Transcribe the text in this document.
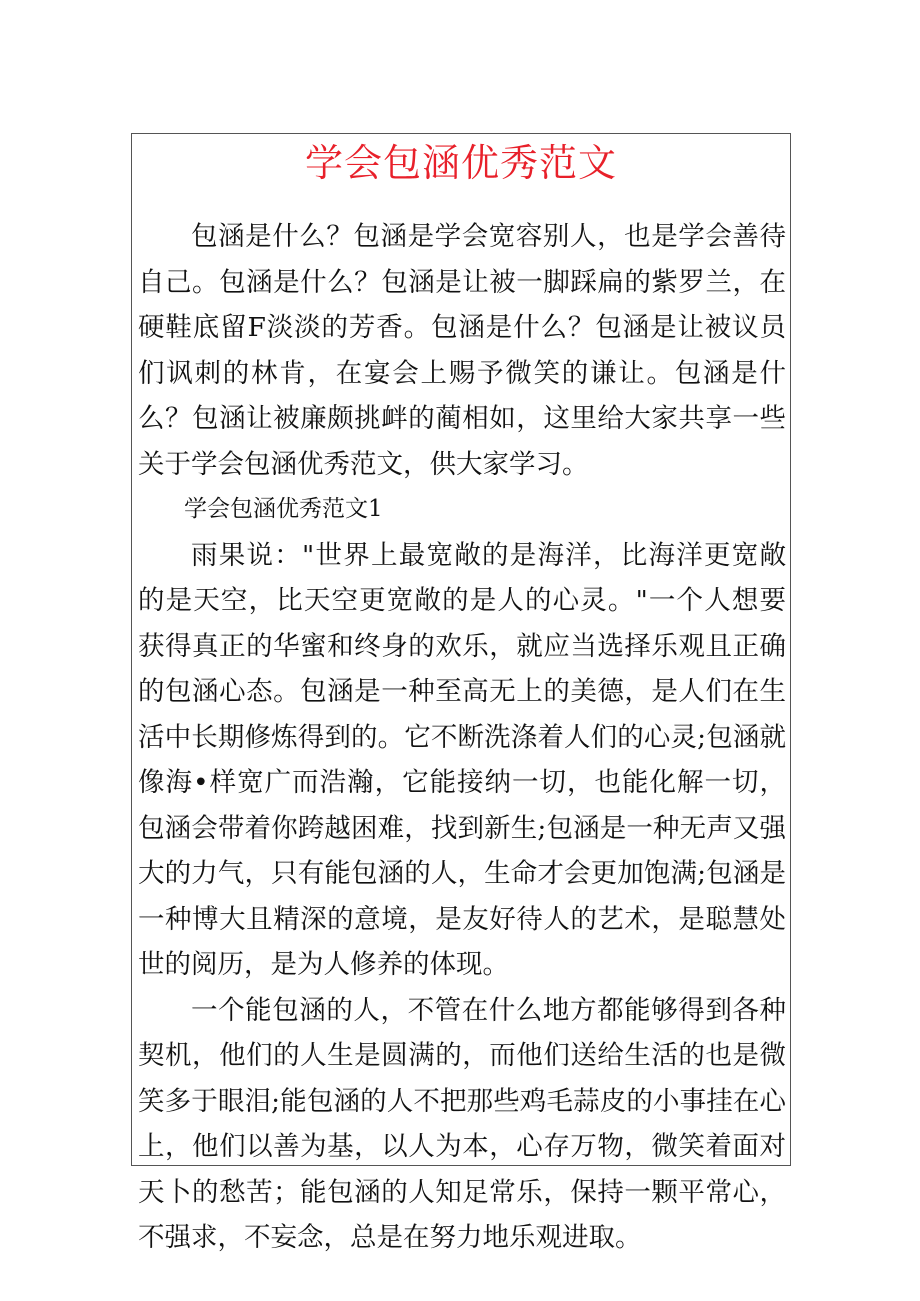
学会包涵优秀范文

包涵是什么？包涵是学会宽容别人，也是学会善待自己。包涵是什么？包涵是让被一脚踩扁的紫罗兰，在硬鞋底留F淡淡的芳香。包涵是什么？包涵是让被议员们讽刺的林肯，在宴会上赐予微笑的谦让。包涵是什么？包涵让被廉颇挑衅的蔺相如，这里给大家共享一些关于学会包涵优秀范文，供大家学习。

学会包涵优秀范文1

雨果说："世界上最宽敞的是海洋，比海洋更宽敞的是天空，比天空更宽敞的是人的心灵。"一个人想要获得真正的华蜜和终身的欢乐，就应当选择乐观且正确的包涵心态。包涵是一种至高无上的美德，是人们在生活中长期修炼得到的。它不断洗涤着人们的心灵;包涵就像海•样宽广而浩瀚，它能接纳一切，也能化解一切，包涵会带着你跨越困难，找到新生;包涵是一种无声又强大的力气，只有能包涵的人，生命才会更加饱满;包涵是一种博大且精深的意境，是友好待人的艺术，是聪慧处世的阅历，是为人修养的体现。

一个能包涵的人，不管在什么地方都能够得到各种契机，他们的人生是圆满的，而他们送给生活的也是微笑多于眼泪;能包涵的人不把那些鸡毛蒜皮的小事挂在心上，他们以善为基，以人为本，心存万物，微笑着面对天卜的愁苦；能包涵的人知足常乐，保持一颗平常心，不强求，不妄念，总是在努力地乐观进取。
